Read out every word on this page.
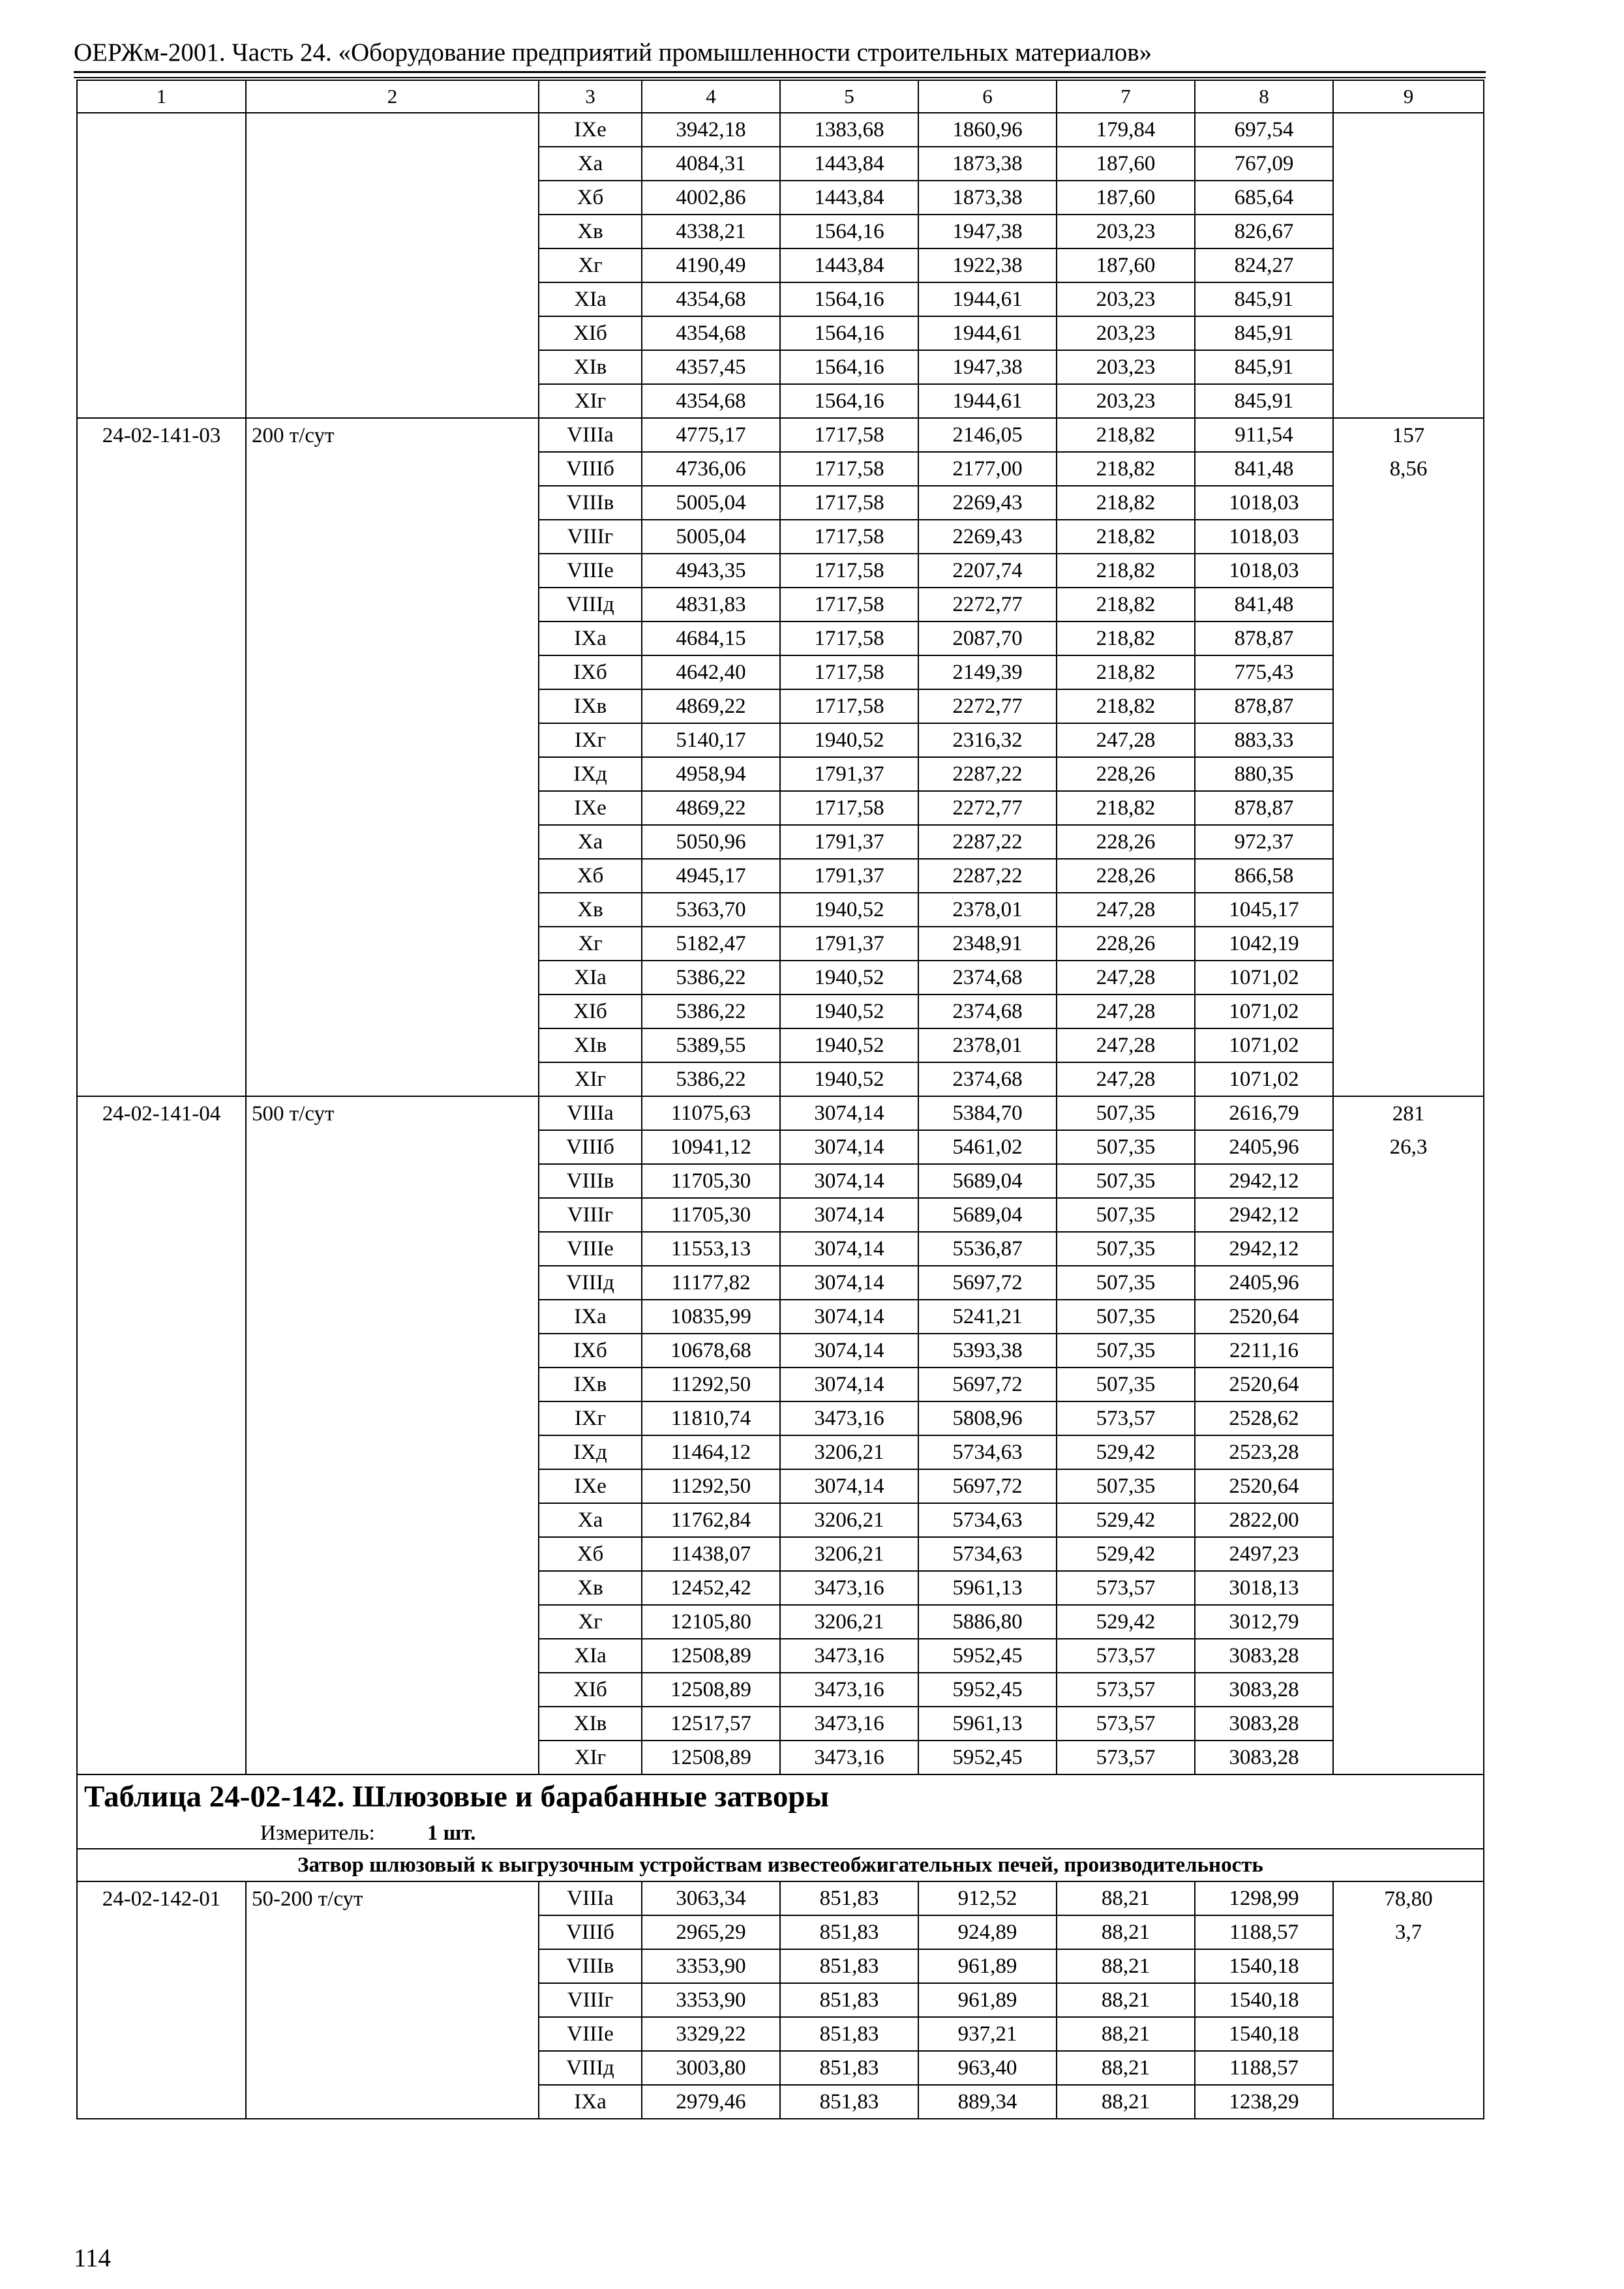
ОЕРЖм-2001. Часть 24. «Оборудование предприятий промышленности строительных материалов»
1	2	3	4	5	6	7	8	9
		IXе	3942,18	1383,68	1860,96	179,84	697,54	
		Xа	4084,31	1443,84	1873,38	187,60	767,09	
		Xб	4002,86	1443,84	1873,38	187,60	685,64	
		Xв	4338,21	1564,16	1947,38	203,23	826,67	
		Xг	4190,49	1443,84	1922,38	187,60	824,27	
		XIа	4354,68	1564,16	1944,61	203,23	845,91	
		XIб	4354,68	1564,16	1944,61	203,23	845,91	
		XIв	4357,45	1564,16	1947,38	203,23	845,91	
		XIг	4354,68	1564,16	1944,61	203,23	845,91	
24-02-141-03	200 т/сут	VIIIа	4775,17	1717,58	2146,05	218,82	911,54	157
		VIIIб	4736,06	1717,58	2177,00	218,82	841,48	8,56
		VIIIв	5005,04	1717,58	2269,43	218,82	1018,03	
		VIIIг	5005,04	1717,58	2269,43	218,82	1018,03	
		VIIIе	4943,35	1717,58	2207,74	218,82	1018,03	
		VIIIд	4831,83	1717,58	2272,77	218,82	841,48	
		IXа	4684,15	1717,58	2087,70	218,82	878,87	
		IXб	4642,40	1717,58	2149,39	218,82	775,43	
		IXв	4869,22	1717,58	2272,77	218,82	878,87	
		IXг	5140,17	1940,52	2316,32	247,28	883,33	
		IXд	4958,94	1791,37	2287,22	228,26	880,35	
		IXе	4869,22	1717,58	2272,77	218,82	878,87	
		Xа	5050,96	1791,37	2287,22	228,26	972,37	
		Xб	4945,17	1791,37	2287,22	228,26	866,58	
		Xв	5363,70	1940,52	2378,01	247,28	1045,17	
		Xг	5182,47	1791,37	2348,91	228,26	1042,19	
		XIа	5386,22	1940,52	2374,68	247,28	1071,02	
		XIб	5386,22	1940,52	2374,68	247,28	1071,02	
		XIв	5389,55	1940,52	2378,01	247,28	1071,02	
		XIг	5386,22	1940,52	2374,68	247,28	1071,02	
24-02-141-04	500 т/сут	VIIIа	11075,63	3074,14	5384,70	507,35	2616,79	281
		VIIIб	10941,12	3074,14	5461,02	507,35	2405,96	26,3
		VIIIв	11705,30	3074,14	5689,04	507,35	2942,12	
		VIIIг	11705,30	3074,14	5689,04	507,35	2942,12	
		VIIIе	11553,13	3074,14	5536,87	507,35	2942,12	
		VIIIд	11177,82	3074,14	5697,72	507,35	2405,96	
		IXа	10835,99	3074,14	5241,21	507,35	2520,64	
		IXб	10678,68	3074,14	5393,38	507,35	2211,16	
		IXв	11292,50	3074,14	5697,72	507,35	2520,64	
		IXг	11810,74	3473,16	5808,96	573,57	2528,62	
		IXд	11464,12	3206,21	5734,63	529,42	2523,28	
		IXе	11292,50	3074,14	5697,72	507,35	2520,64	
		Xа	11762,84	3206,21	5734,63	529,42	2822,00	
		Xб	11438,07	3206,21	5734,63	529,42	2497,23	
		Xв	12452,42	3473,16	5961,13	573,57	3018,13	
		Xг	12105,80	3206,21	5886,80	529,42	3012,79	
		XIа	12508,89	3473,16	5952,45	573,57	3083,28	
		XIб	12508,89	3473,16	5952,45	573,57	3083,28	
		XIв	12517,57	3473,16	5961,13	573,57	3083,28	
		XIг	12508,89	3473,16	5952,45	573,57	3083,28	
Таблица 24-02-142. Шлюзовые и барабанные затворы								
Измеритель: 1 шт.								
Затвор шлюзовый к выгрузочным устройствам известеобжигательных печей, производительность								
24-02-142-01	50-200 т/сут	VIIIа	3063,34	851,83	912,52	88,21	1298,99	78,80
		VIIIб	2965,29	851,83	924,89	88,21	1188,57	3,7
		VIIIв	3353,90	851,83	961,89	88,21	1540,18	
		VIIIг	3353,90	851,83	961,89	88,21	1540,18	
		VIIIе	3329,22	851,83	937,21	88,21	1540,18	
		VIIIд	3003,80	851,83	963,40	88,21	1188,57	
		IXа	2979,46	851,83	889,34	88,21	1238,29	
114
